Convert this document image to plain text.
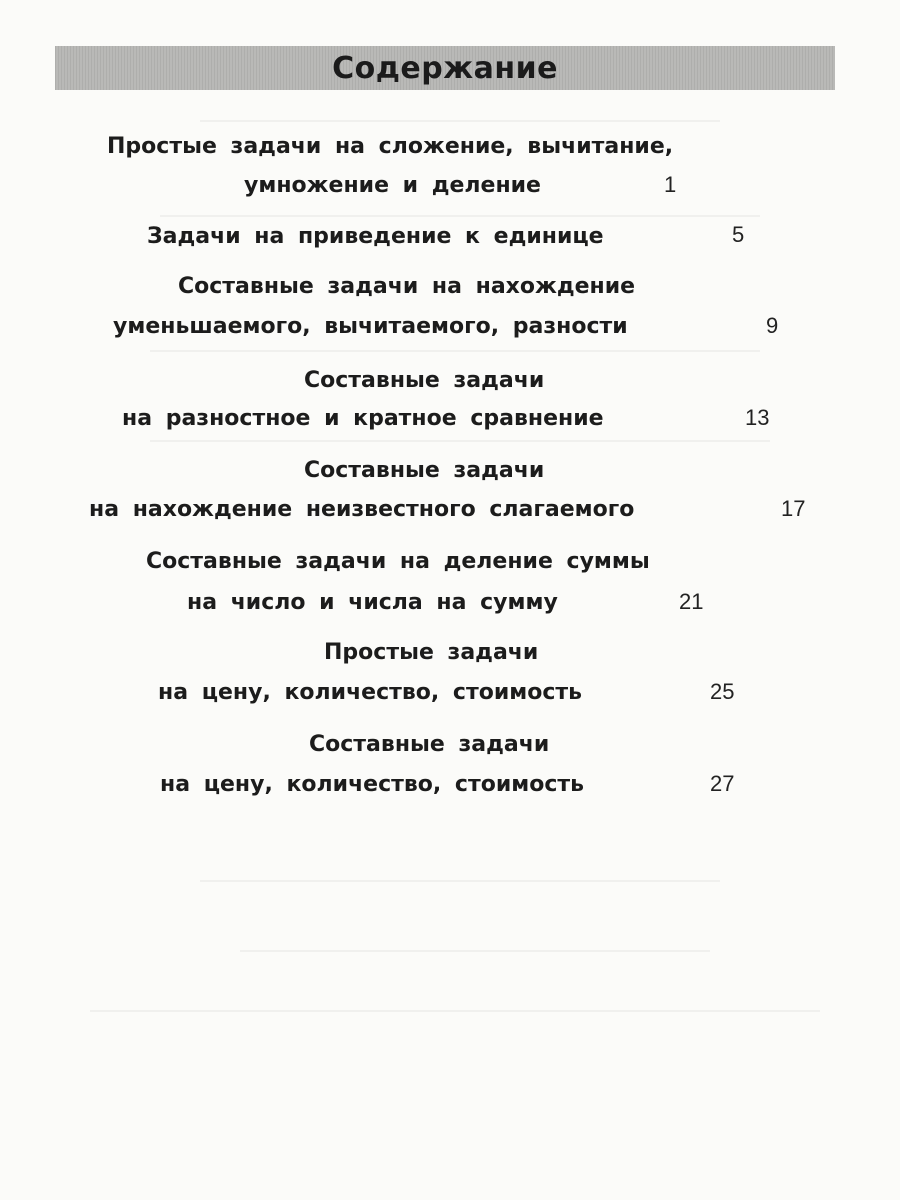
Содержание
Простые задачи на сложение, вычитание,
умножение и деление	1
Задачи на приведение к единице	5
Составные задачи на нахождение
уменьшаемого, вычитаемого, разности	9
Составные задачи
на разностное и кратное сравнение	13
Составные задачи
на нахождение неизвестного слагаемого	17
Составные задачи на деление суммы
на число и числа на сумму	21
Простые задачи
на цену, количество, стоимость	25
Составные задачи
на цену, количество, стоимость	27
